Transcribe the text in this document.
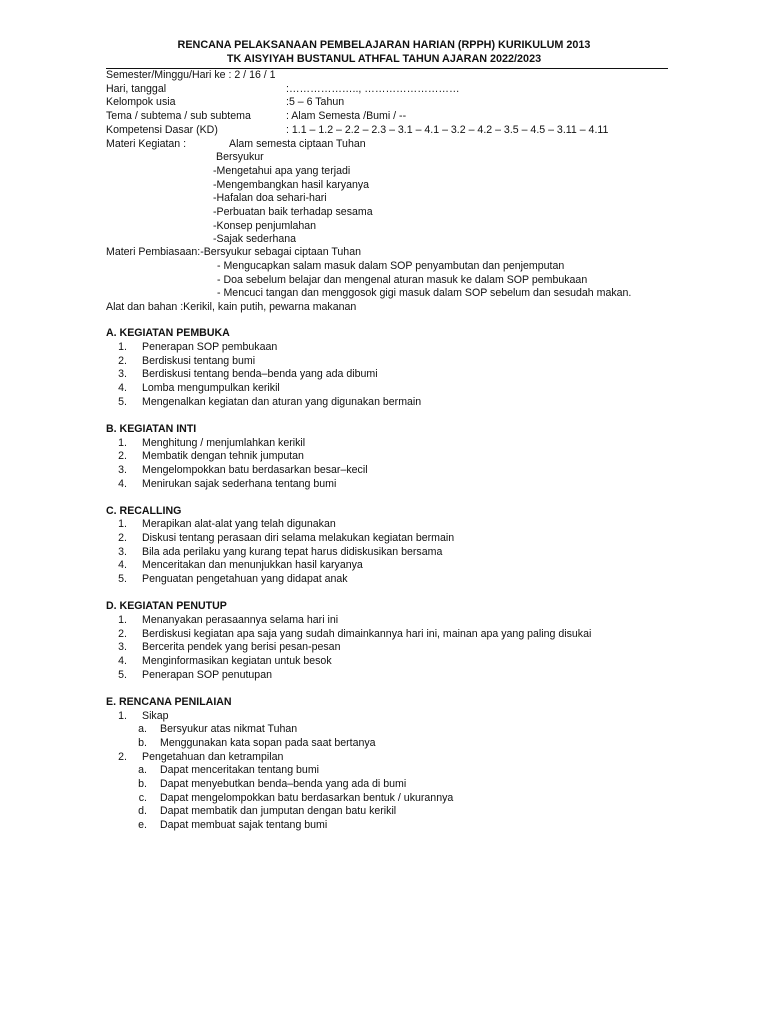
RENCANA PELAKSANAAN PEMBELAJARAN HARIAN (RPPH) KURIKULUM 2013
TK AISYIYAH BUSTANUL ATHFAL TAHUN AJARAN 2022/2023
Semester/Minggu/Hari ke : 2 / 16 / 1
Hari, tanggal	:……………….., ………………………
Kelompok usia	:5 – 6 Tahun
Tema / subtema / sub subtema	: Alam Semesta /Bumi / --
Kompetensi Dasar (KD)	: 1.1 – 1.2 – 2.2 – 2.3 – 3.1 – 4.1 – 3.2 – 4.2 – 3.5 – 4.5 – 3.11 – 4.11
Materi Kegiatan :	Alam semesta ciptaan Tuhan
Bersyukur
-Mengetahui apa yang terjadi
-Mengembangkan hasil karyanya
-Hafalan doa sehari-hari
-Perbuatan baik terhadap sesama
-Konsep penjumlahan
-Sajak sederhana
Materi Pembiasaan:-Bersyukur sebagai ciptaan Tuhan
- Mengucapkan salam masuk dalam SOP penyambutan dan penjemputan
- Doa sebelum belajar dan mengenal aturan masuk ke dalam SOP pembukaan
- Mencuci tangan dan menggosok gigi masuk dalam SOP sebelum dan sesudah makan.
Alat dan bahan :Kerikil, kain putih, pewarna makanan
A. KEGIATAN PEMBUKA
1. Penerapan SOP pembukaan
2. Berdiskusi tentang bumi
3. Berdiskusi tentang benda–benda yang ada dibumi
4. Lomba mengumpulkan kerikil
5. Mengenalkan kegiatan dan aturan yang digunakan bermain
B. KEGIATAN INTI
1. Menghitung / menjumlahkan kerikil
2. Membatik dengan tehnik jumputan
3. Mengelompokkan batu berdasarkan besar–kecil
4. Menirukan sajak sederhana tentang bumi
C. RECALLING
1. Merapikan alat-alat yang telah digunakan
2. Diskusi tentang perasaan diri selama melakukan kegiatan bermain
3. Bila ada perilaku yang kurang tepat harus didiskusikan bersama
4. Menceritakan dan menunjukkan hasil karyanya
5. Penguatan pengetahuan yang didapat anak
D. KEGIATAN PENUTUP
1. Menanyakan perasaannya selama hari ini
2. Berdiskusi kegiatan apa saja yang sudah dimainkannya hari ini, mainan apa yang paling disukai
3. Bercerita pendek yang berisi pesan-pesan
4. Menginformasikan kegiatan untuk besok
5. Penerapan SOP penutupan
E. RENCANA PENILAIAN
1. Sikap
a. Bersyukur atas nikmat Tuhan
b. Menggunakan kata sopan pada saat bertanya
2. Pengetahuan dan ketrampilan
a. Dapat menceritakan tentang bumi
b. Dapat menyebutkan benda–benda yang ada di bumi
c. Dapat mengelompokkan batu berdasarkan bentuk / ukurannya
d. Dapat membatik dan jumputan dengan batu kerikil
e. Dapat membuat sajak tentang bumi
